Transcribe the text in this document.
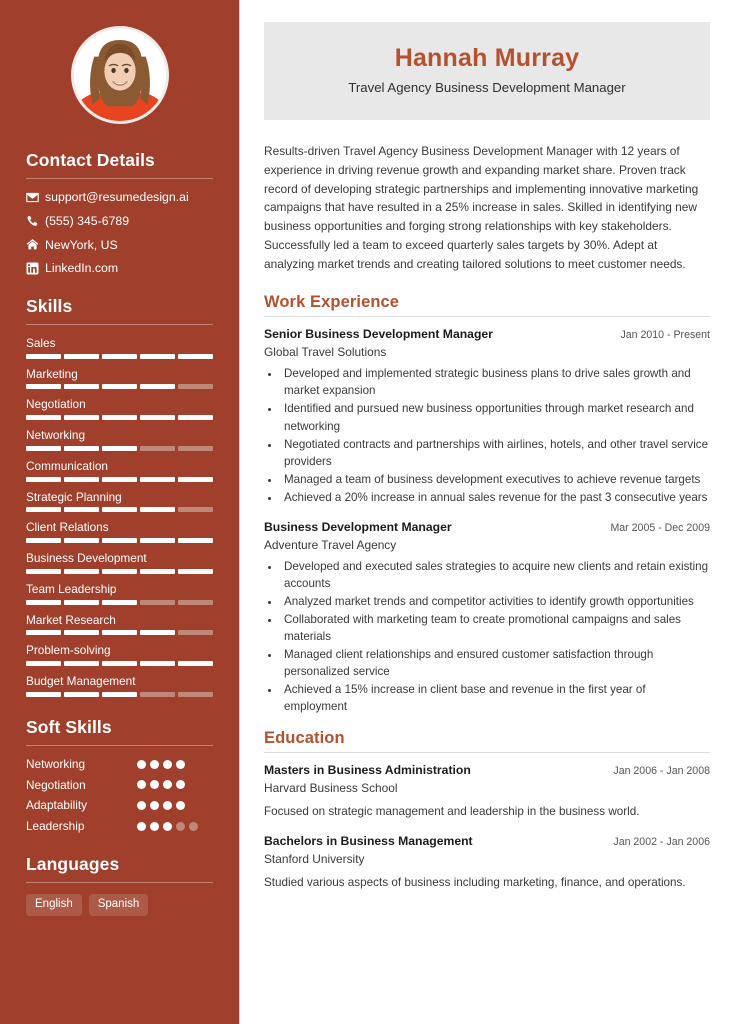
Contact Details
support@resumedesign.ai
(555) 345-6789
NewYork, US
LinkedIn.com
Skills
Sales
Marketing
Negotiation
Networking
Communication
Strategic Planning
Client Relations
Business Development
Team Leadership
Market Research
Problem-solving
Budget Management
Soft Skills
Networking
Negotiation
Adaptability
Leadership
Languages
English	Spanish
Hannah Murray
Travel Agency Business Development Manager

Results-driven Travel Agency Business Development Manager with 12 years of experience in driving revenue growth and expanding market share. Proven track record of developing strategic partnerships and implementing innovative marketing campaigns that have resulted in a 25% increase in sales. Skilled in identifying new business opportunities and forging strong relationships with key stakeholders. Successfully led a team to exceed quarterly sales targets by 30%. Adept at analyzing market trends and creating tailored solutions to meet customer needs.

Work Experience
Senior Business Development Manager	Jan 2010 - Present
Global Travel Solutions
• Developed and implemented strategic business plans to drive sales growth and market expansion
• Identified and pursued new business opportunities through market research and networking
• Negotiated contracts and partnerships with airlines, hotels, and other travel service providers
• Managed a team of business development executives to achieve revenue targets
• Achieved a 20% increase in annual sales revenue for the past 3 consecutive years
Business Development Manager	Mar 2005 - Dec 2009
Adventure Travel Agency
• Developed and executed sales strategies to acquire new clients and retain existing accounts
• Analyzed market trends and competitor activities to identify growth opportunities
• Collaborated with marketing team to create promotional campaigns and sales materials
• Managed client relationships and ensured customer satisfaction through personalized service
• Achieved a 15% increase in client base and revenue in the first year of employment
Education
Masters in Business Administration	Jan 2006 - Jan 2008
Harvard Business School
Focused on strategic management and leadership in the business world.
Bachelors in Business Management	Jan 2002 - Jan 2006
Stanford University
Studied various aspects of business including marketing, finance, and operations.
